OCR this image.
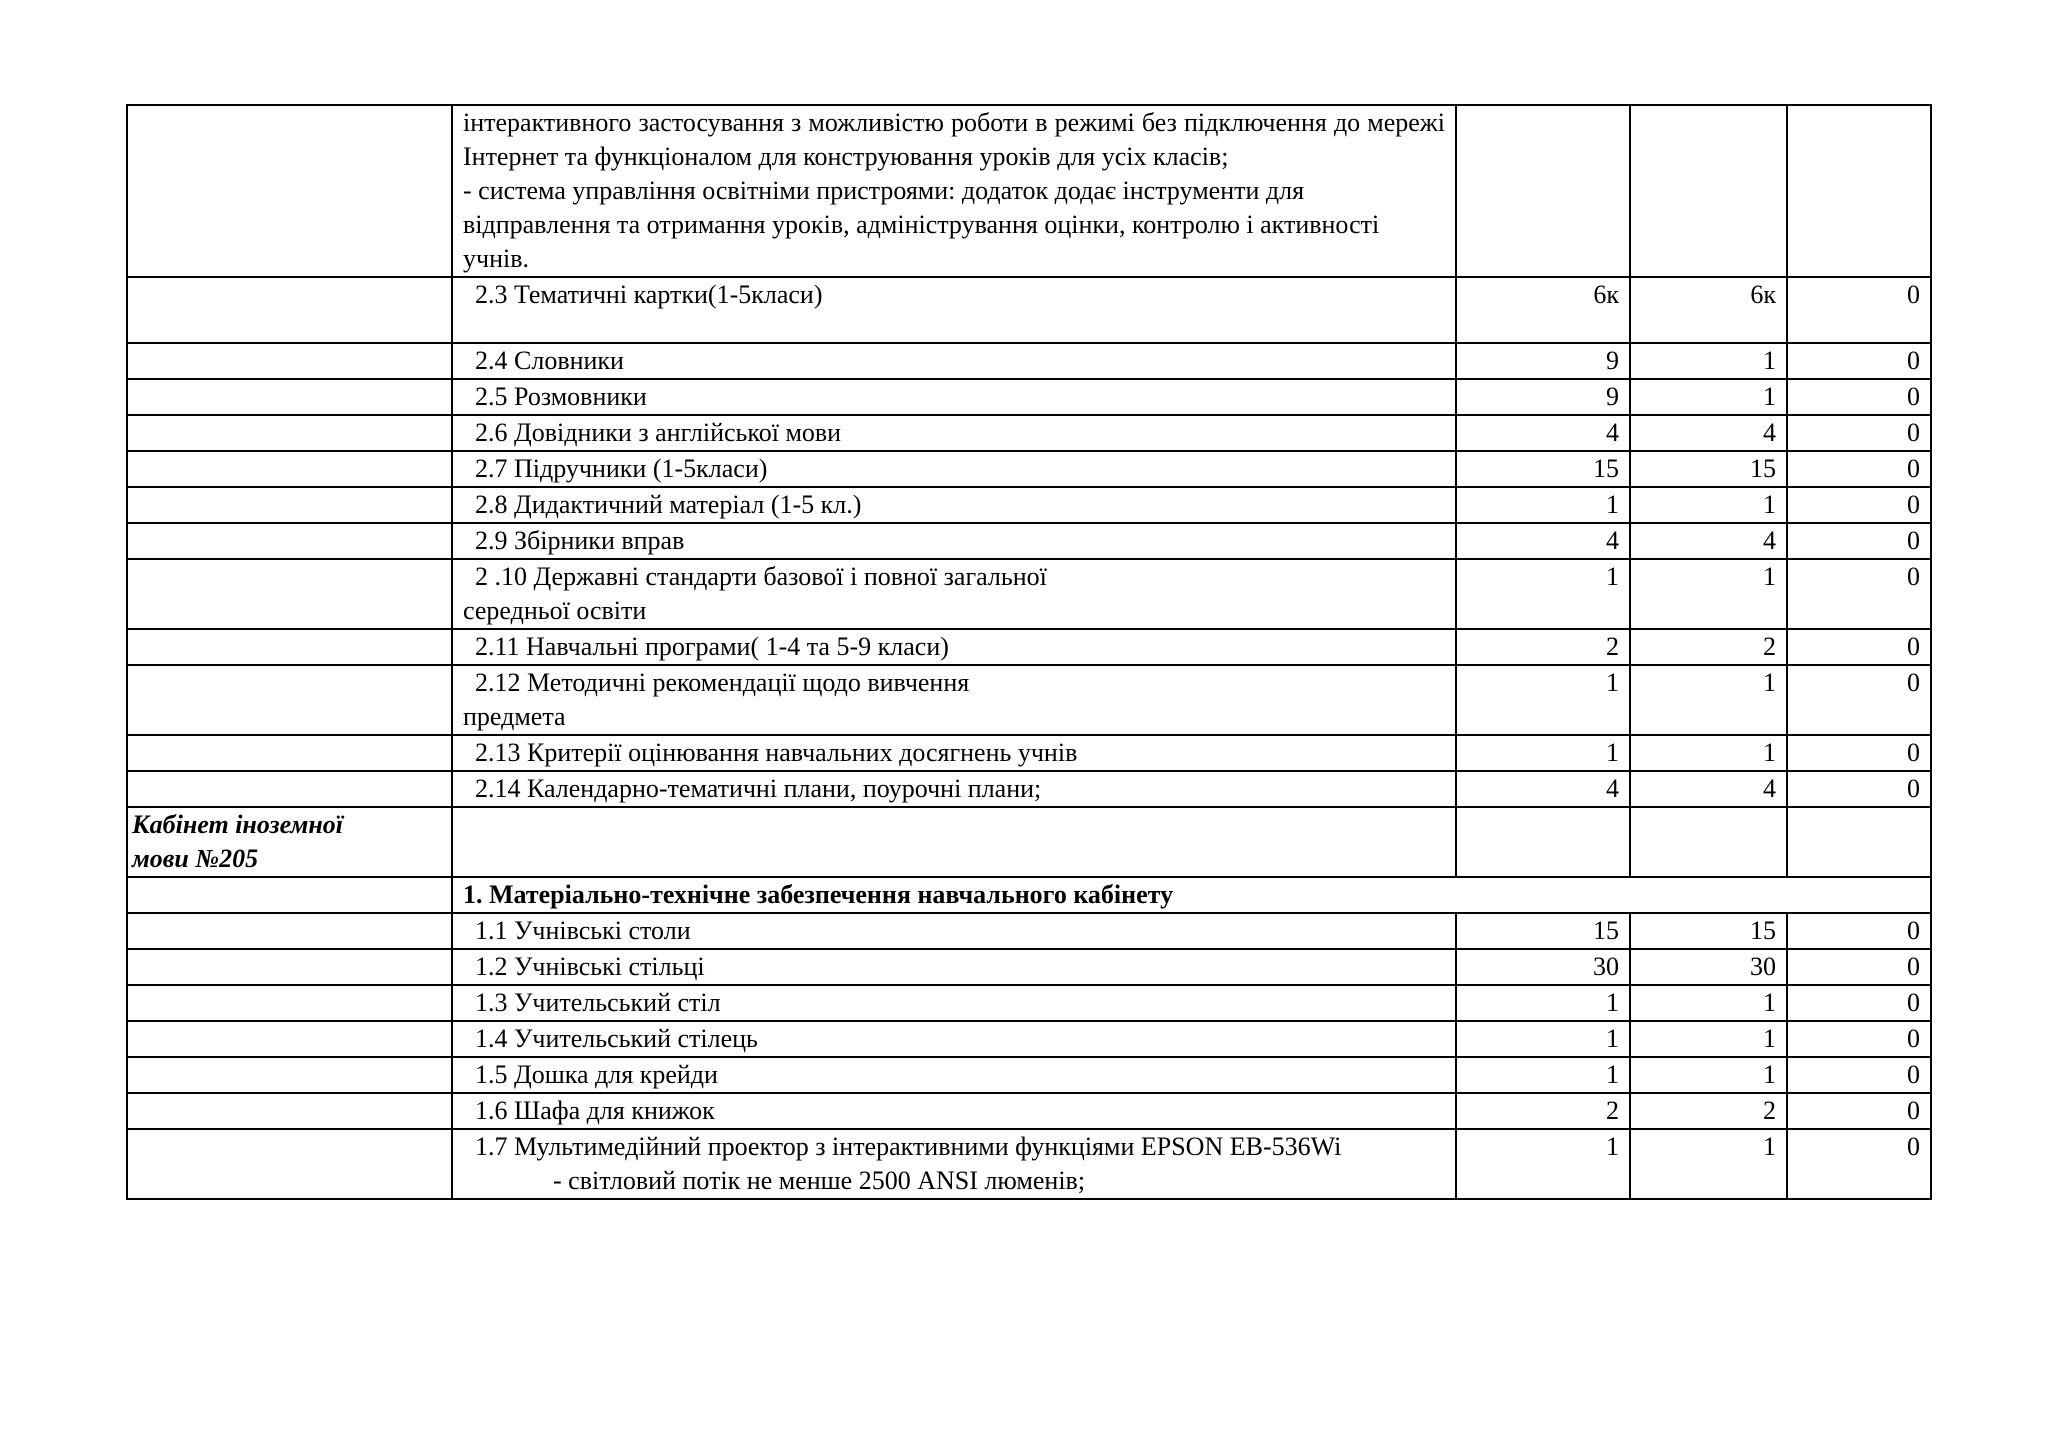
	інтерактивного застосування з можливістю роботи в режимі без підключення до мережі Інтернет та функціоналом для конструювання уроків для усіх класів;
- система управління освітніми пристроями: додаток додає інструменти для відправлення та отримання уроків, адміністрування оцінки, контролю і активності учнів.			

	2.3 Тематичні картки(1-5класи)	6к	6к	0

	2.4 Словники	9	1	0

	2.5 Розмовники	9	1	0

	2.6 Довідники з англійської мови	4	4	0

	2.7 Підручники (1-5класи)	15	15	0

	2.8 Дидактичний матеріал (1-5 кл.)	1	1	0

	2.9 Збірники вправ	4	4	0

	2 .10 Державні стандарти базової і повної загальної
середньої освіти	1	1	0

	2.11 Навчальні програми( 1-4 та 5-9 класи)	2	2	0

	2.12 Методичні рекомендації щодо вивчення
предмета	1	1	0

	2.13 Критерії оцінювання навчальних досягнень учнів	1	1	0

	2.14 Календарно-тематичні плани, поурочні плани;	4	4	0

Кабінет іноземної
мови №205				

	1. Матеріально-технічне забезпечення навчального кабінету			

	1.1 Учнівські столи	15	15	0

	1.2 Учнівські стільці	30	30	0

	1.3 Учительський стіл	1	1	0

	1.4 Учительський стілець	1	1	0

	1.5 Дошка для крейди	1	1	0

	1.6 Шафа для книжок	2	2	0

	1.7 Мультимедійний проектор з інтерактивними функціями EPSON EB-536Wi
- світловий потік не менше 2500 ANSI люменів;	1	1	0
